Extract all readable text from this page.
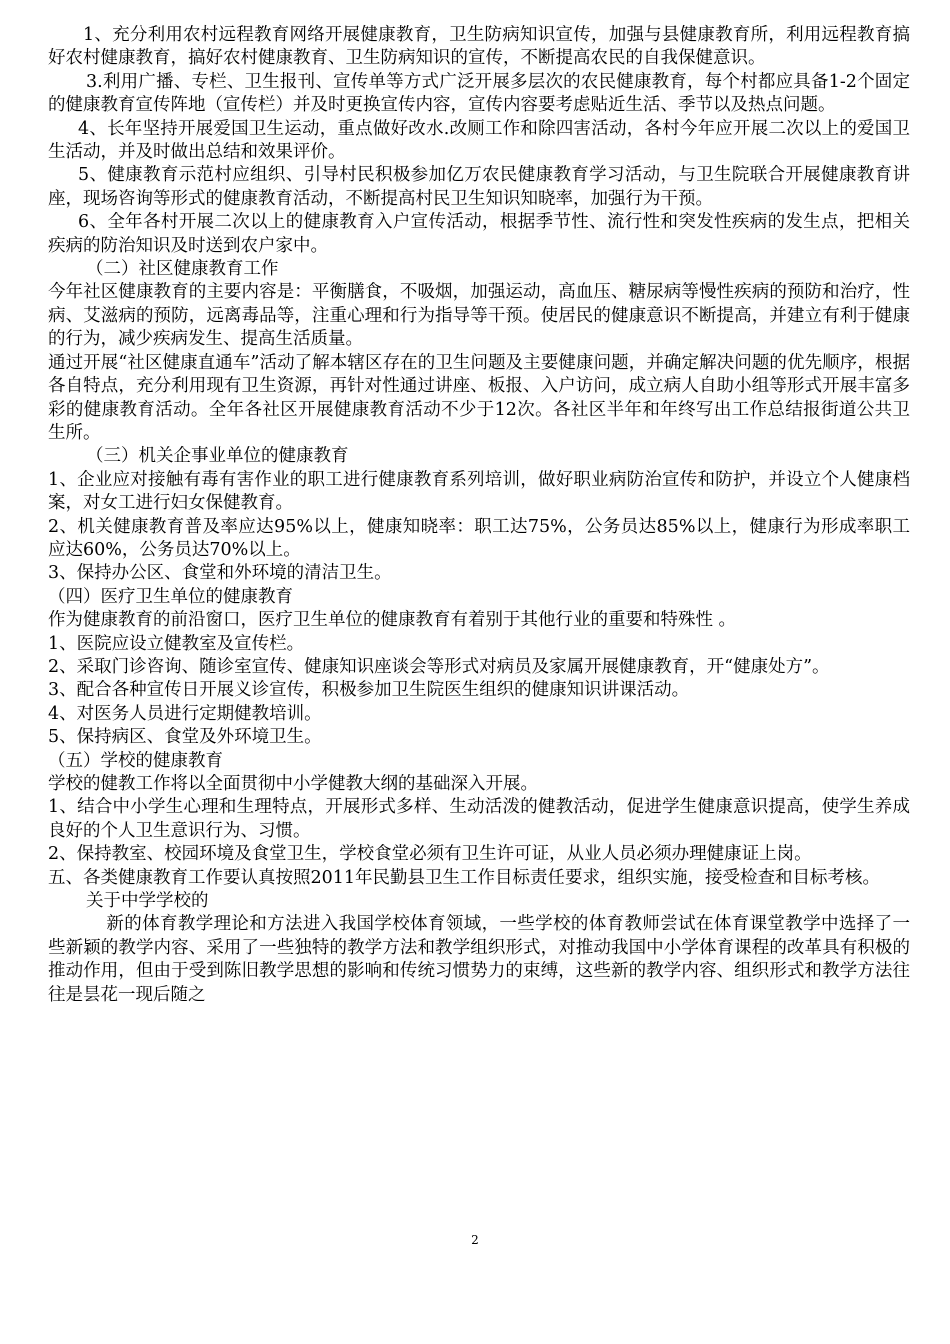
1、充分利用农村远程教育网络开展健康教育，卫生防病知识宣传，加强与县健康教育所，利用远程教育搞好农村健康教育，搞好农村健康教育、卫生防病知识的宣传，不断提高农民的自我保健意识。

3.利用广播、专栏、卫生报刊、宣传单等方式广泛开展多层次的农民健康教育，每个村都应具备1-2个固定的健康教育宣传阵地（宣传栏）并及时更换宣传内容，宣传内容要考虑贴近生活、季节以及热点问题。

4、长年坚持开展爱国卫生运动，重点做好改水.改厕工作和除四害活动，各村今年应开展二次以上的爱国卫生活动，并及时做出总结和效果评价。

5、健康教育示范村应组织、引导村民积极参加亿万农民健康教育学习活动，与卫生院联合开展健康教育讲座，现场咨询等形式的健康教育活动，不断提高村民卫生知识知晓率，加强行为干预。

6、全年各村开展二次以上的健康教育入户宣传活动，根据季节性、流行性和突发性疾病的发生点，把相关疾病的防治知识及时送到农户家中。

（二）社区健康教育工作

今年社区健康教育的主要内容是：平衡膳食，不吸烟，加强运动，高血压、糖尿病等慢性疾病的预防和治疗，性病、艾滋病的预防，远离毒品等，注重心理和行为指导等干预。使居民的健康意识不断提高，并建立有利于健康的行为，减少疾病发生、提高生活质量。

通过开展“社区健康直通车”活动了解本辖区存在的卫生问题及主要健康问题，并确定解决问题的优先顺序，根据各自特点，充分利用现有卫生资源，再针对性通过讲座、板报、入户访问，成立病人自助小组等形式开展丰富多彩的健康教育活动。全年各社区开展健康教育活动不少于12次。各社区半年和年终写出工作总结报街道公共卫生所。

（三）机关企事业单位的健康教育

1、企业应对接触有毒有害作业的职工进行健康教育系列培训，做好职业病防治宣传和防护，并设立个人健康档案，对女工进行妇女保健教育。

2、机关健康教育普及率应达95%以上，健康知晓率：职工达75%，公务员达85%以上，健康行为形成率职工应达60%，公务员达70%以上。

3、保持办公区、食堂和外环境的清洁卫生。

（四）医疗卫生单位的健康教育

作为健康教育的前沿窗口，医疗卫生单位的健康教育有着别于其他行业的重要和特殊性 。

1、医院应设立健教室及宣传栏。

2、采取门诊咨询、随诊室宣传、健康知识座谈会等形式对病员及家属开展健康教育，开“健康处方”。

3、配合各种宣传日开展义诊宣传，积极参加卫生院医生组织的健康知识讲课活动。

4、对医务人员进行定期健教培训。

5、保持病区、食堂及外环境卫生。

（五）学校的健康教育

学校的健教工作将以全面贯彻中小学健教大纲的基础深入开展。

1、结合中小学生心理和生理特点，开展形式多样、生动活泼的健教活动，促进学生健康意识提高，使学生养成良好的个人卫生意识行为、习惯。

2、保持教室、校园环境及食堂卫生，学校食堂必须有卫生许可证，从业人员必须办理健康证上岗。

五、各类健康教育工作要认真按照2011年民勤县卫生工作目标责任要求，组织实施，接受检查和目标考核。

关于中学学校的

新的体育教学理论和方法进入我国学校体育领域，一些学校的体育教师尝试在体育课堂教学中选择了一些新颖的教学内容、采用了一些独特的教学方法和教学组织形式，对推动我国中小学体育课程的改革具有积极的推动作用，但由于受到陈旧教学思想的影响和传统习惯势力的束缚，这些新的教学内容、组织形式和教学方法往往是昙花一现后随之

2
